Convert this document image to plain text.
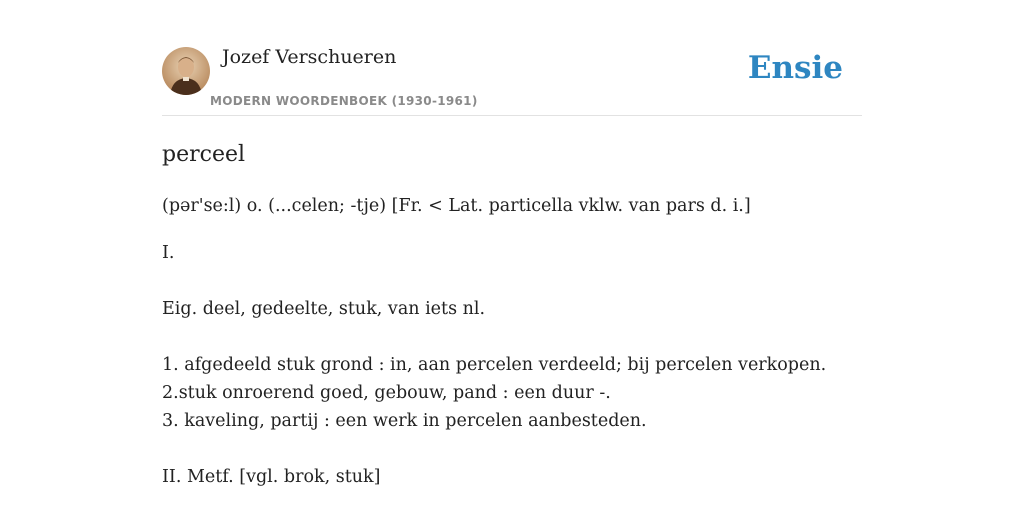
Jozef Verschueren
MODERN WOORDENBOEK (1930-1961)
Ensie
perceel
(pər'se:l) o. (...celen; -tje) [Fr. < Lat. particella vklw. van pars d. i.]
I.
Eig. deel, gedeelte, stuk, van iets nl.
1. afgedeeld stuk grond : in, aan percelen verdeeld; bij percelen verkopen.
2.stuk onroerend goed, gebouw, pand : een duur -.
3. kaveling, partij : een werk in percelen aanbesteden.
II. Metf. [vgl. brok, stuk]
